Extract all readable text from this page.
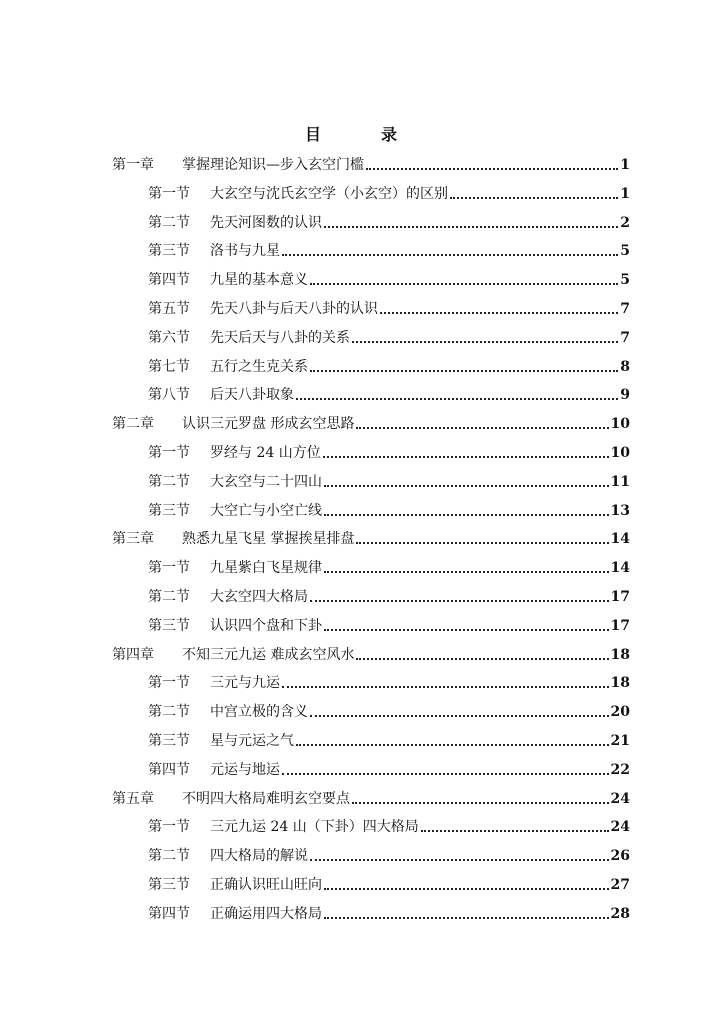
目　录
第一章	掌握理论知识—步入玄空门槛	1
第一节	大玄空与沈氏玄空学（小玄空）的区别	1
第二节	先天河图数的认识	2
第三节	洛书与九星	5
第四节	九星的基本意义	5
第五节	先天八卦与后天八卦的认识	7
第六节	先天后天与八卦的关系	7
第七节	五行之生克关系	8
第八节	后天八卦取象	9
第二章	认识三元罗盘 形成玄空思路	10
第一节	罗经与 24 山方位	10
第二节	大玄空与二十四山	11
第三节	大空亡与小空亡线	13
第三章	熟悉九星飞星 掌握挨星排盘	14
第一节	九星紫白飞星规律	14
第二节	大玄空四大格局	17
第三节	认识四个盘和下卦	17
第四章	不知三元九运 难成玄空风水	18
第一节	三元与九运	18
第二节	中宫立极的含义	20
第三节	星与元运之气	21
第四节	元运与地运	22
第五章	不明四大格局难明玄空要点	24
第一节	三元九运 24 山（下卦）四大格局	24
第二节	四大格局的解说	26
第三节	正确认识旺山旺向	27
第四节	正确运用四大格局	28
